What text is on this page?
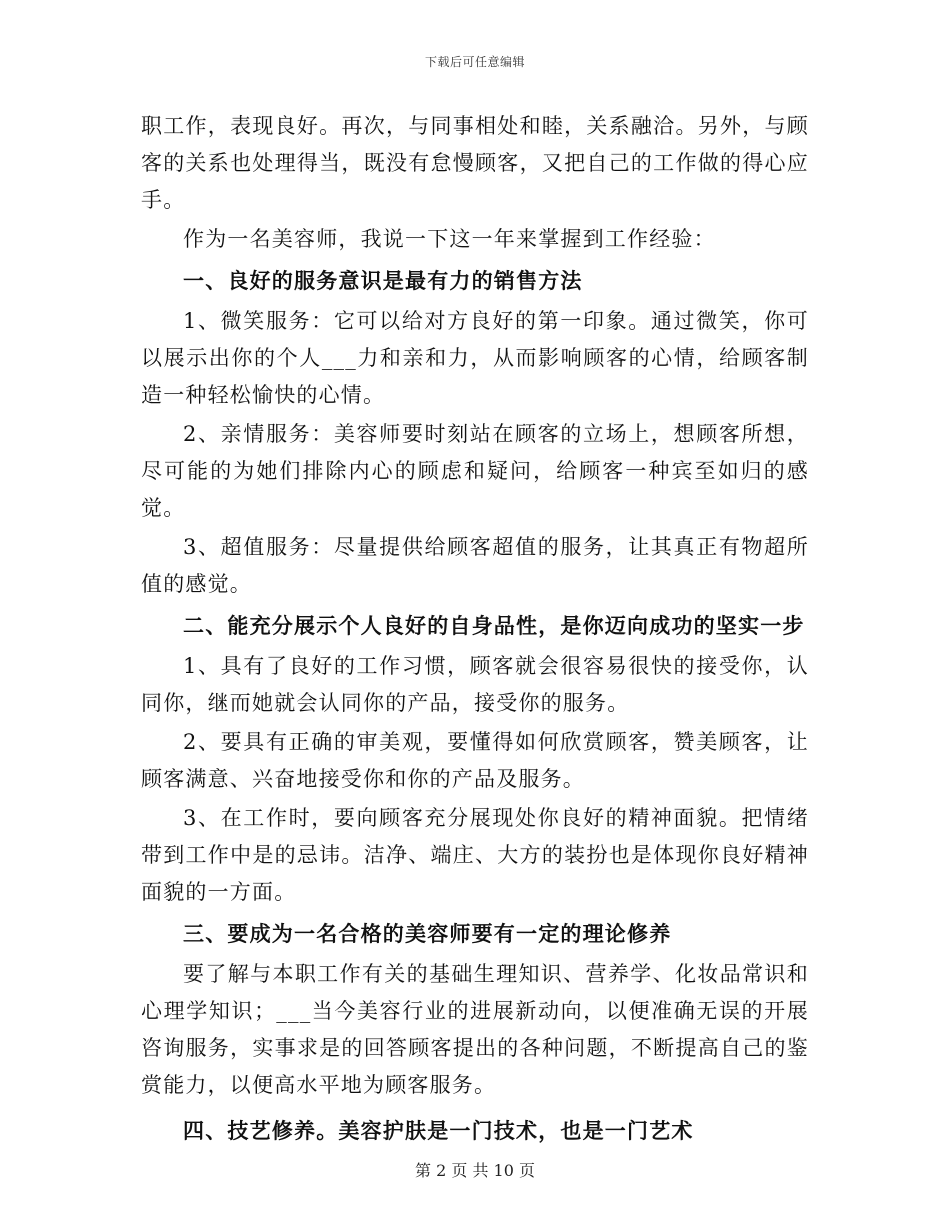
下载后可任意编辑

职工作，表现良好。再次，与同事相处和睦，关系融洽。另外，与顾客的关系也处理得当，既没有怠慢顾客，又把自己的工作做的得心应手。

作为一名美容师，我说一下这一年来掌握到工作经验：

一、良好的服务意识是最有力的销售方法

1、微笑服务：它可以给对方良好的第一印象。通过微笑，你可以展示出你的个人___力和亲和力，从而影响顾客的心情，给顾客制造一种轻松愉快的心情。

2、亲情服务：美容师要时刻站在顾客的立场上，想顾客所想，尽可能的为她们排除内心的顾虑和疑问，给顾客一种宾至如归的感觉。

3、超值服务：尽量提供给顾客超值的服务，让其真正有物超所值的感觉。

二、能充分展示个人良好的自身品性，是你迈向成功的坚实一步

1、具有了良好的工作习惯，顾客就会很容易很快的接受你，认同你，继而她就会认同你的产品，接受你的服务。

2、要具有正确的审美观，要懂得如何欣赏顾客，赞美顾客，让顾客满意、兴奋地接受你和你的产品及服务。

3、在工作时，要向顾客充分展现处你良好的精神面貌。把情绪带到工作中是的忌讳。洁净、端庄、大方的装扮也是体现你良好精神面貌的一方面。

三、要成为一名合格的美容师要有一定的理论修养

要了解与本职工作有关的基础生理知识、营养学、化妆品常识和心理学知识；___当今美容行业的进展新动向，以便准确无误的开展咨询服务，实事求是的回答顾客提出的各种问题，不断提高自己的鉴赏能力，以便高水平地为顾客服务。

四、技艺修养。美容护肤是一门技术，也是一门艺术

第 2 页 共 10 页
